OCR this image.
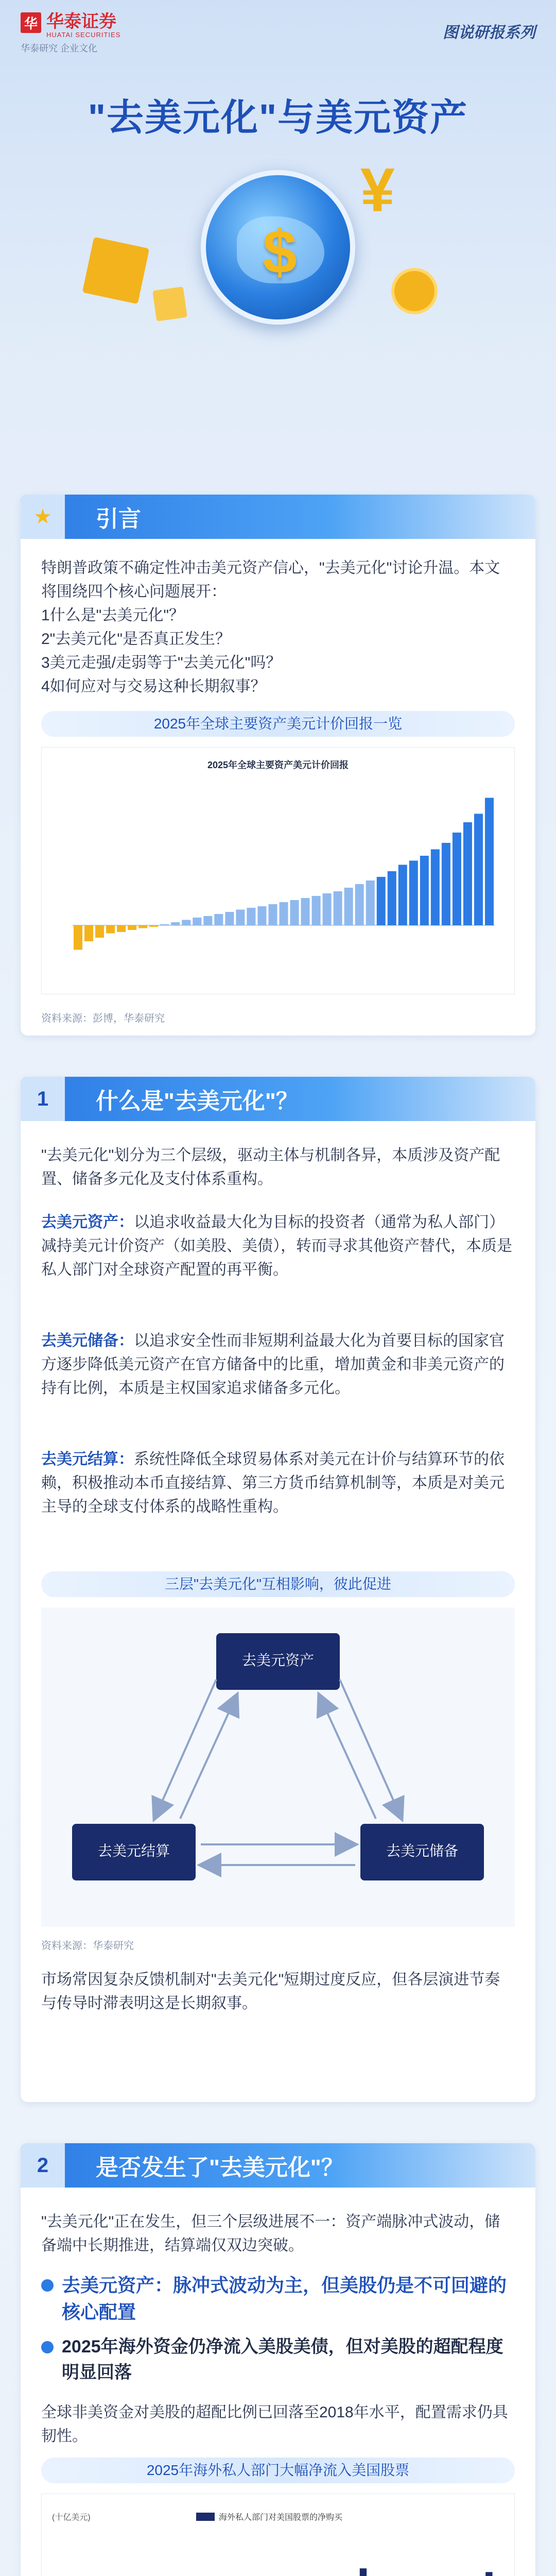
华 华泰证券
HUATAI SECURITIES
华泰研究 企业文化
图说研报系列
"去美元化"与美元资产
$
¥
★ 引言
特朗普政策不确定性冲击美元资产信心，"去美元化"讨论升温。本文将围绕四个核心问题展开：
1什么是"去美元化"？
2"去美元化"是否真正发生？
3美元走强/走弱等于"去美元化"吗？
4如何应对与交易这种长期叙事？
2025年全球主要资产美元计价回报一览
2025年全球主要资产美元计价回报
资料来源：彭博，华泰研究
1	什么是"去美元化"？
"去美元化"划分为三个层级，驱动主体与机制各异，本质涉及资产配置、储备多元化及支付体系重构。
去美元资产：以追求收益最大化为目标的投资者（通常为私人部门）减持美元计价资产（如美股、美债），转而寻求其他资产替代，本质是私人部门对全球资产配置的再平衡。
去美元储备：以追求安全性而非短期利益最大化为首要目标的国家官方逐步降低美元资产在官方储备中的比重，增加黄金和非美元资产的持有比例，本质是主权国家追求储备多元化。
去美元结算：系统性降低全球贸易体系对美元在计价与结算环节的依赖，积极推动本币直接结算、第三方货币结算机制等，本质是对美元主导的全球支付体系的战略性重构。
三层"去美元化"互相影响，彼此促进
去美元资产
去美元结算	去美元储备
资料来源：华泰研究
市场常因复杂反馈机制对"去美元化"短期过度反应，但各层演进节奏与传导时滞表明这是长期叙事。
2	是否发生了"去美元化"？
"去美元化"正在发生，但三个层级进展不一：资产端脉冲式波动，储备端中长期推进，结算端仅双边突破。
去美元资产：脉冲式波动为主，但美股仍是不可回避的核心配置
2025年海外资金仍净流入美股美债，但对美股的超配程度明显回落
全球非美资金对美股的超配比例已回落至2018年水平，配置需求仍具韧性。
2025年海外私人部门大幅净流入美国股票
(十亿美元)	海外私人部门对美国股票的净购买
